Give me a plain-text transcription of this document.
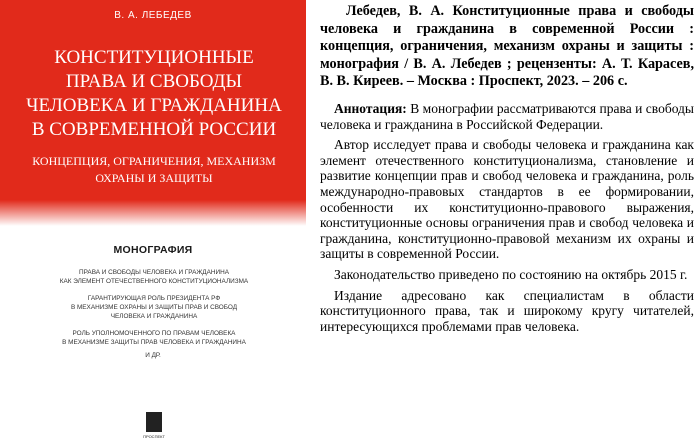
В. А. ЛЕБЕДЕВ
КОНСТИТУЦИОННЫЕ
ПРАВА И СВОБОДЫ
ЧЕЛОВЕКА И ГРАЖДАНИНА
В СОВРЕМЕННОЙ РОССИИ
КОНЦЕПЦИЯ, ОГРАНИЧЕНИЯ, МЕХАНИЗМ
ОХРАНЫ И ЗАЩИТЫ
МОНОГРАФИЯ
ПРАВА И СВОБОДЫ ЧЕЛОВЕКА И ГРАЖДАНИНА
КАК ЭЛЕМЕНТ ОТЕЧЕСТВЕННОГО КОНСТИТУЦИОНАЛИЗМА
ГАРАНТИРУЮЩАЯ РОЛЬ ПРЕЗИДЕНТА РФ
В МЕХАНИЗМЕ ОХРАНЫ И ЗАЩИТЫ ПРАВ И СВОБОД
ЧЕЛОВЕКА И ГРАЖДАНИНА
РОЛЬ УПОЛНОМОЧЕННОГО ПО ПРАВАМ ЧЕЛОВЕКА
В МЕХАНИЗМЕ ЗАЩИТЫ ПРАВ ЧЕЛОВЕКА И ГРАЖДАНИНА
И ДР.
ПРОСПЕКТ

Лебедев, В. А. Конституционные права и свободы человека и гражданина в современной России : концепция, ограничения, механизм охраны и защиты : монография / В. А. Лебедев ; рецензенты: А. Т. Карасев, В. В. Киреев. – Москва : Проспект, 2023. – 206 с.

Аннотация: В монографии рассматриваются права и свободы человека и гражданина в Российской Федерации.

Автор исследует права и свободы человека и гражданина как элемент отечественного конституционализма, становление и развитие концепции прав и свобод человека и гражданина, роль международно-правовых стандартов в ее формировании, особенности их конституционно-правового выражения, конституционные основы ограничения прав и свобод человека и гражданина, конституционно-правовой механизм их охраны и защиты в современной России.

Законодательство приведено по состоянию на октябрь 2015 г.

Издание адресовано как специалистам в области конституционного права, так и широкому кругу читателей, интересующихся проблемами прав человека.
